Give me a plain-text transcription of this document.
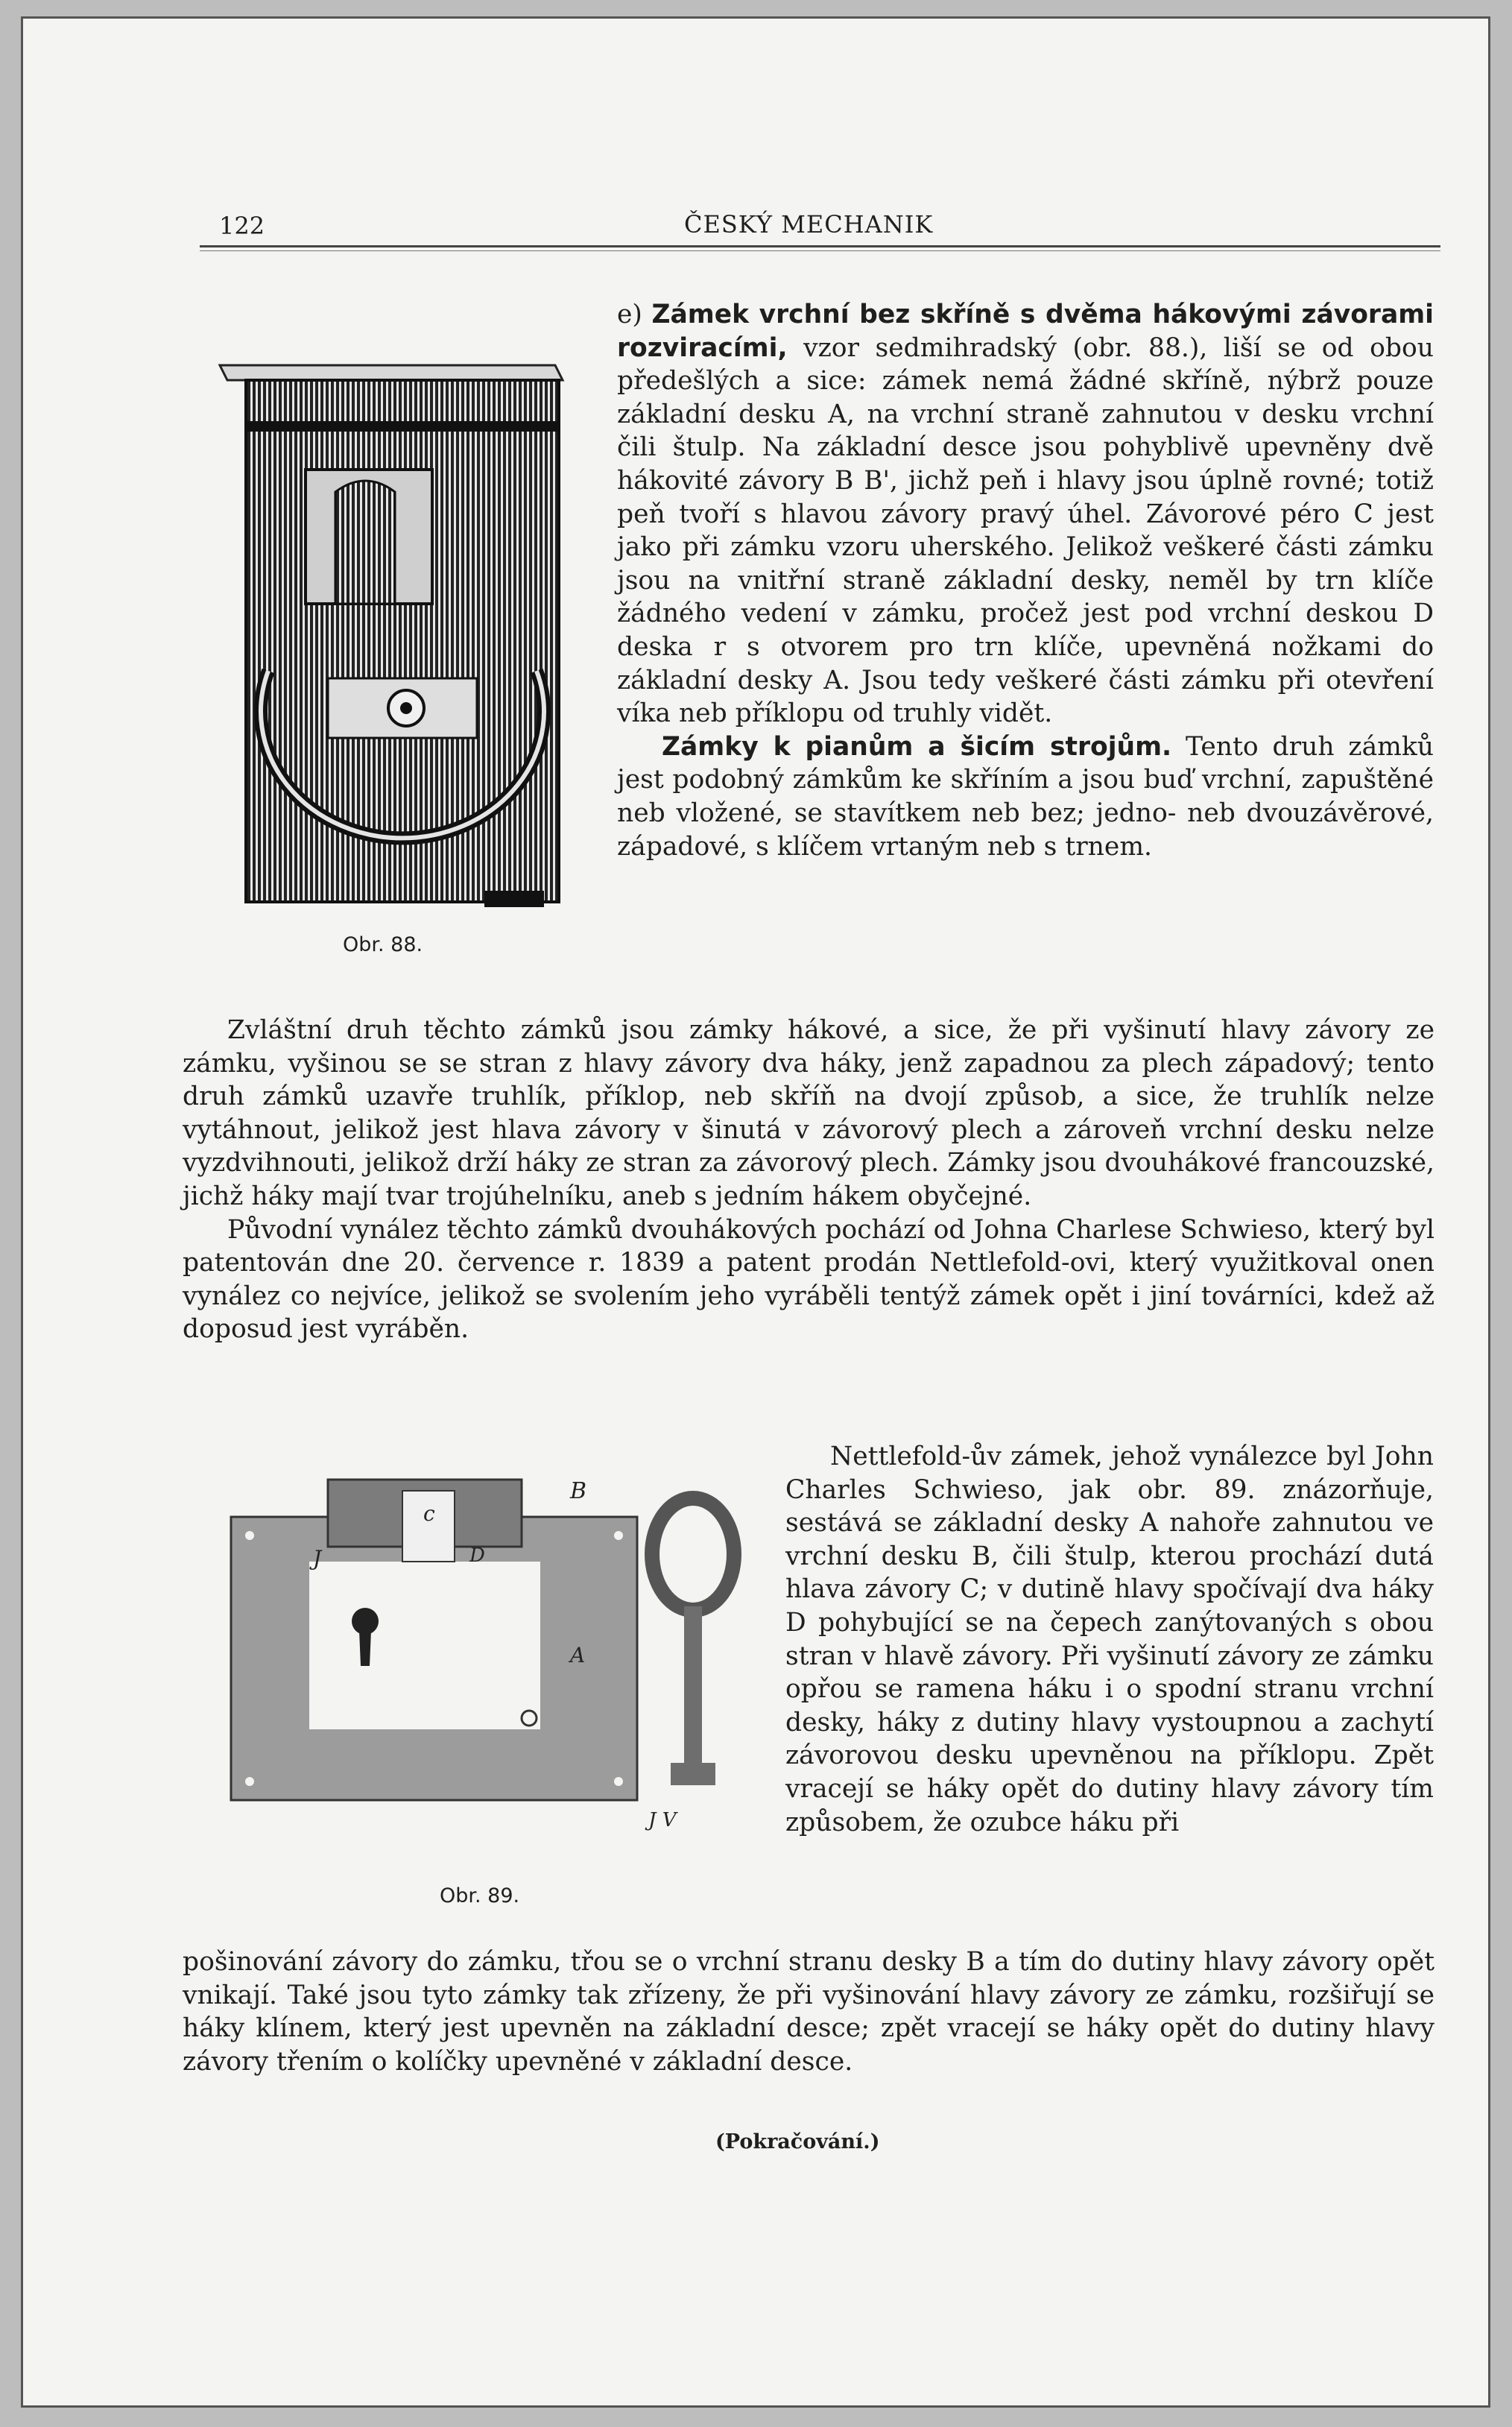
122	ČESKÝ MECHANIK
Obr. 88.

e) Zámek vrchní bez skříně s dvěma hákovými závorami rozviracími, vzor sedmihradský (obr. 88.), liší se od obou předešlých a sice: zámek nemá žádné skříně, nýbrž pouze základní desku A, na vrchní straně zahnutou v desku vrchní čili štulp. Na základní desce jsou pohyblivě upevněny dvě hákovité závory B B', jichž peň i hlavy jsou úplně rovné; totiž peň tvoří s hlavou závory pravý úhel. Závorové péro C jest jako při zámku vzoru uherského. Jelikož veškeré části zámku jsou na vnitřní straně základní desky, neměl by trn klíče žádného vedení v zámku, pročež jest pod vrchní deskou D deska r s otvorem pro trn klíče, upevněná nožkami do základní desky A. Jsou tedy veškeré části zámku při otevření víka neb příklopu od truhly vidět.

Zámky k pianům a šicím strojům. Tento druh zámků jest podobný zámkům ke skříním a jsou buď vrchní, zapuštěné neb vložené, se stavítkem neb bez; jedno- neb dvouzávěrové, západové, s klíčem vrtaným neb s trnem.

Zvláštní druh těchto zámků jsou zámky hákové, a sice, že při vyšinutí hlavy závory ze zámku, vyšinou se se stran z hlavy závory dva háky, jenž zapadnou za plech západový; tento druh zámků uzavře truhlík, příklop, neb skříň na dvojí způsob, a sice, že truhlík nelze vytáhnout, jelikož jest hlava závory v šinutá v závorový plech a zároveň vrchní desku nelze vyzdvihnouti, jelikož drží háky ze stran za závorový plech. Zámky jsou dvouhákové francouzské, jichž háky mají tvar trojúhelníku, aneb s jedním hákem obyčejné.

Původní vynález těchto zámků dvouhákových pochází od Johna Charlese Schwieso, který byl patentován dne 20. července r. 1839 a patent prodán Nettlefold-ovi, který využitkoval onen vynález co nejvíce, jelikož se svolením jeho vyráběli tentýž zámek opět i jiní továrníci, kdež až doposud jest vyráběn.

c
B
J	D
A
J V
Obr. 89.

Nettlefold-ův zámek, jehož vynálezce byl John Charles Schwieso, jak obr. 89. znázorňuje, sestává se základní desky A nahoře zahnutou ve vrchní desku B, čili štulp, kterou prochází dutá hlava závory C; v dutině hlavy spočívají dva háky D pohybující se na čepech zanýtovaných s obou stran v hlavě závory. Při vyšinutí závory ze zámku opřou se ramena háku i o spodní stranu vrchní desky, háky z dutiny hlavy vystoupnou a zachytí závorovou desku upevněnou na příklopu. Zpět vracejí se háky opět do dutiny hlavy závory tím způsobem, že ozubce háku při

pošinování závory do zámku, třou se o vrchní stranu desky B a tím do dutiny hlavy závory opět vnikají. Také jsou tyto zámky tak zřízeny, že při vyšinování hlavy závory ze zámku, rozšiřují se háky klínem, který jest upevněn na základní desce; zpět vracejí se háky opět do dutiny hlavy závory třením o kolíčky upevněné v základní desce.

(Pokračování.)
